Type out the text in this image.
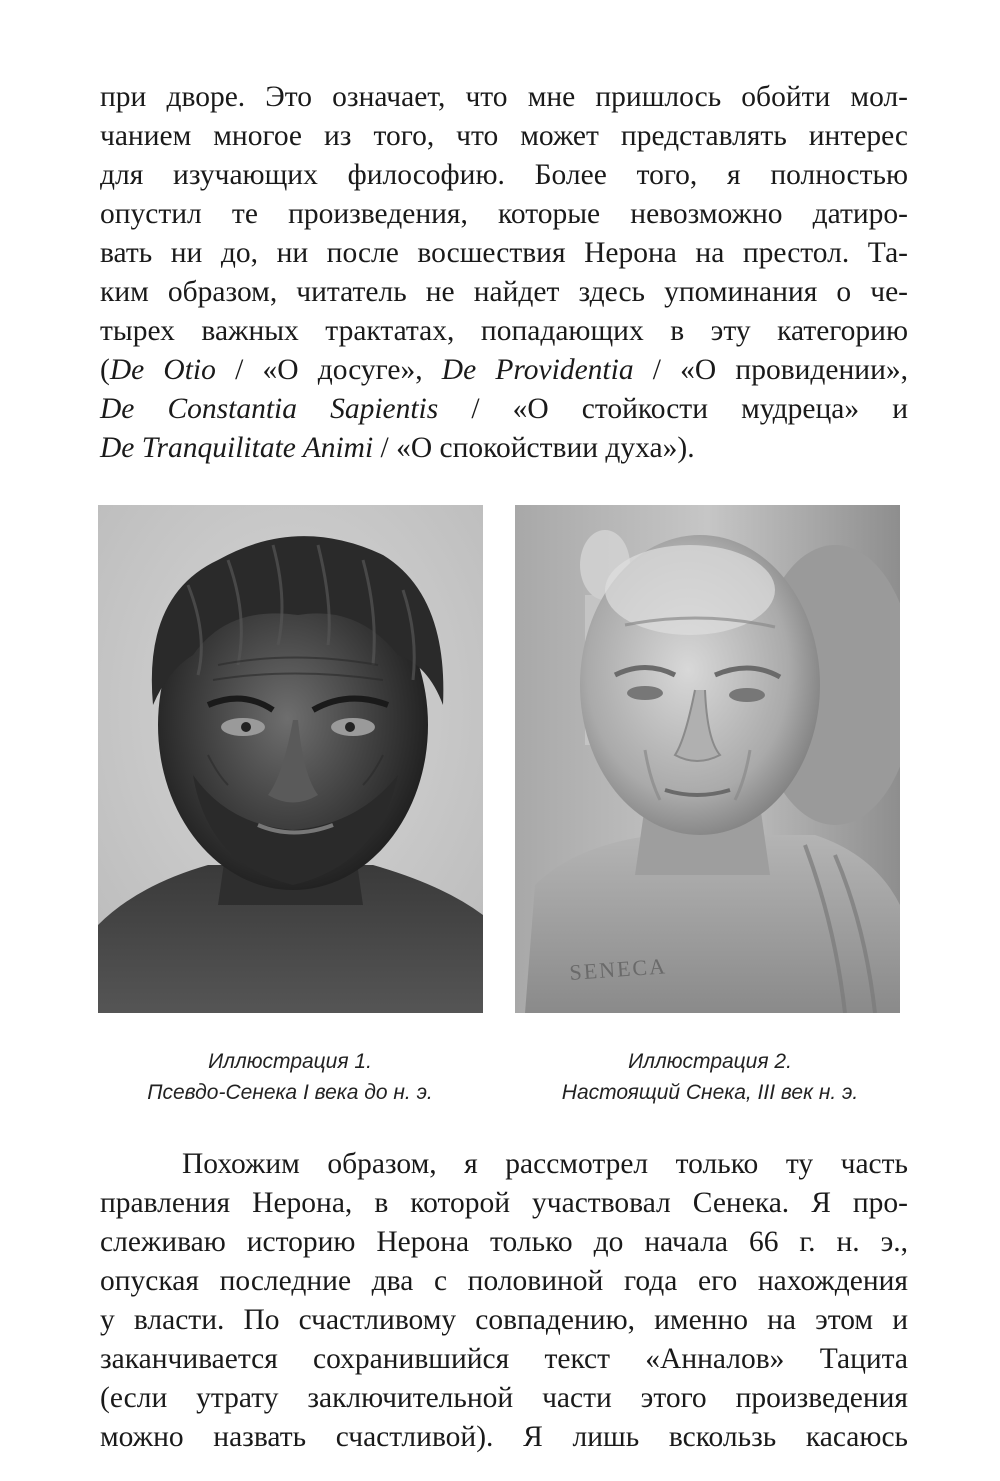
при дворе. Это означает, что мне пришлось обойти мол-
чанием многое из того, что может представлять интерес
для изучающих философию. Более того, я полностью
опустил те произведения, которые невозможно датиро-
вать ни до, ни после восшествия Нерона на престол. Та-
ким образом, читатель не найдет здесь упоминания о че-
тырех важных трактатах, попадающих в эту категорию
(De Otio / «О досуге», De Providentia / «О провидении»,
De Constantia Sapientis / «О стойкости мудреца» и
De Tranquilitate Animi / «О спокойствии духа»).
SENECA
Иллюстрация 1.
Псевдо-Сенека I века до н. э.
Иллюстрация 2.
Настоящий Снека, III век н. э.
Похожим образом, я рассмотрел только ту часть
правления Нерона, в которой участвовал Сенека. Я про-
слеживаю историю Нерона только до начала 66 г. н. э.,
опуская последние два с половиной года его нахождения
у власти. По счастливому совпадению, именно на этом и
заканчивается сохранившийся текст «Анналов» Тацита
(если утрату заключительной части этого произведения
можно назвать счастливой). Я лишь вскользь касаюсь
